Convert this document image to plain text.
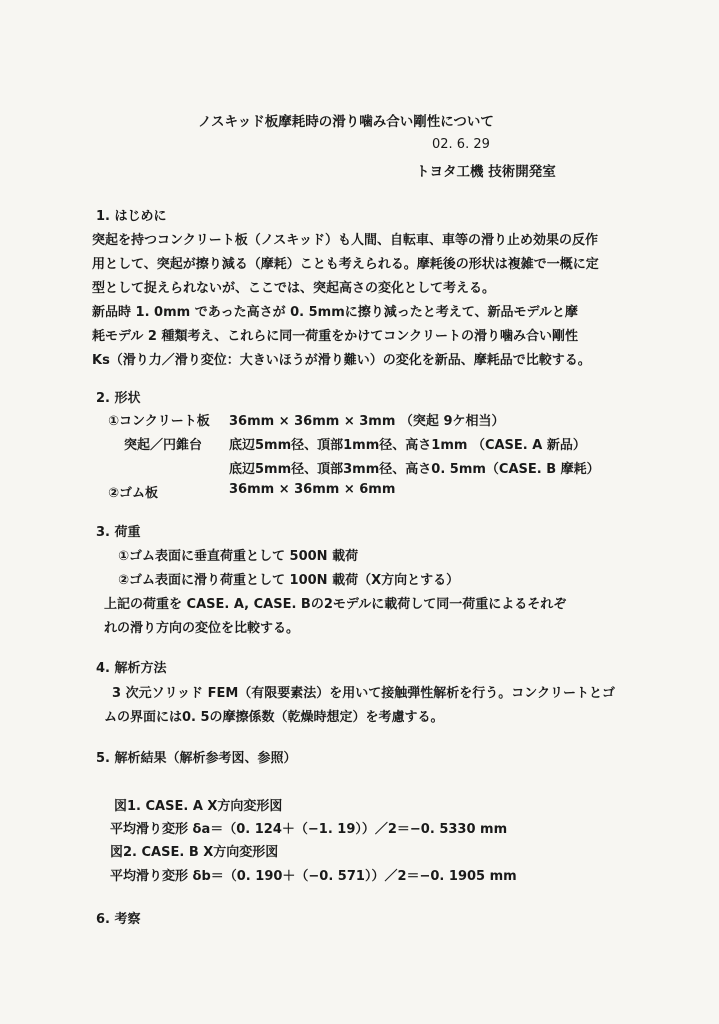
ノスキッド板摩耗時の滑り噛み合い剛性について
02. 6. 29
トヨタ工機 技術開発室
1. はじめに
突起を持つコンクリート板（ノスキッド）も人間、自転車、車等の滑り止め効果の反作
用として、突起が擦り減る（摩耗）ことも考えられる。摩耗後の形状は複雑で一概に定
型として捉えられないが、ここでは、突起高さの変化として考える。
新品時 1. 0mm であった高さが 0. 5mmに擦り減ったと考えて、新品モデルと摩
耗モデル 2 種類考え、これらに同一荷重をかけてコンクリートの滑り噛み合い剛性
Ks（滑り力／滑り変位：大きいほうが滑り難い）の変化を新品、摩耗品で比較する。
2. 形状
①コンクリート板 36mm × 36mm × 3mm （突起 9ケ相当）
突起／円錐台 底辺5mm径、頂部1mm径、高さ1mm （CASE. A 新品）
底辺5mm径、頂部3mm径、高さ0. 5mm（CASE. B 摩耗）
②ゴム板	36mm × 36mm × 6mm
3. 荷重
①ゴム表面に垂直荷重として 500N 載荷
②ゴム表面に滑り荷重として 100N 載荷（X方向とする）
上記の荷重を CASE. A, CASE. Bの2モデルに載荷して同一荷重によるそれぞ
れの滑り方向の変位を比較する。
4. 解析方法
3 次元ソリッド FEM（有限要素法）を用いて接触弾性解析を行う。コンクリートとゴ
ムの界面には0. 5の摩擦係数（乾燥時想定）を考慮する。
5. 解析結果（解析参考図、参照）
図1. CASE. A X方向変形図
平均滑り変形 δa＝（0. 124＋（−1. 19））／2＝−0. 5330 mm
図2. CASE. B X方向変形図
平均滑り変形 δb＝（0. 190＋（−0. 571））／2＝−0. 1905 mm
6. 考察
